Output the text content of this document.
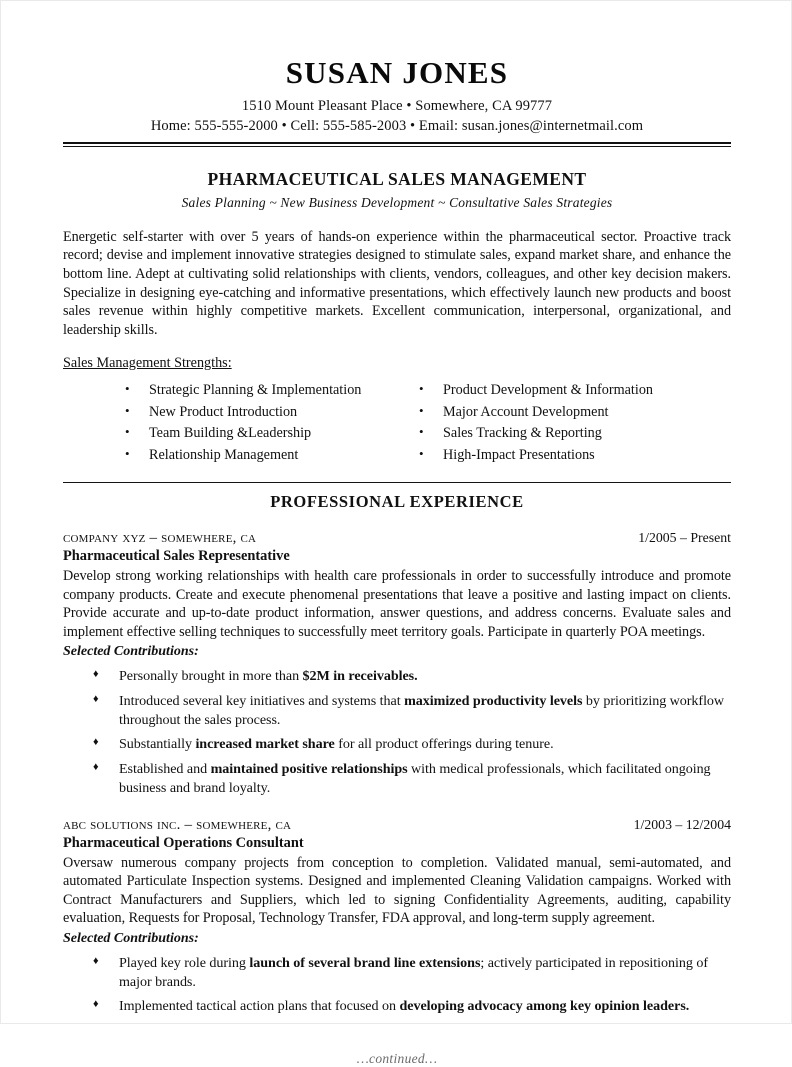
SUSAN JONES
1510 Mount Pleasant Place • Somewhere, CA 99777
Home: 555-555-2000 • Cell: 555-585-2003 • Email: susan.jones@internetmail.com
PHARMACEUTICAL SALES MANAGEMENT
Sales Planning ~ New Business Development ~ Consultative Sales Strategies
Energetic self-starter with over 5 years of hands-on experience within the pharmaceutical sector. Proactive track record; devise and implement innovative strategies designed to stimulate sales, expand market share, and enhance the bottom line. Adept at cultivating solid relationships with clients, vendors, colleagues, and other key decision makers. Specialize in designing eye-catching and informative presentations, which effectively launch new products and boost sales revenue within highly competitive markets. Excellent communication, interpersonal, organizational, and leadership skills.
Sales Management Strengths:
• Strategic Planning & Implementation
• New Product Introduction
• Team Building &Leadership
• Relationship Management
• Product Development & Information
• Major Account Development
• Sales Tracking & Reporting
• High-Impact Presentations
PROFESSIONAL EXPERIENCE
company xyz – somewhere, ca	1/2005 – Present
Pharmaceutical Sales Representative
Develop strong working relationships with health care professionals in order to successfully introduce and promote company products. Create and execute phenomenal presentations that leave a positive and lasting impact on clients. Provide accurate and up-to-date product information, answer questions, and address concerns. Evaluate sales and implement effective selling techniques to successfully meet territory goals. Participate in quarterly POA meetings.
Selected Contributions:
♦ Personally brought in more than $2M in receivables.
♦ Introduced several key initiatives and systems that maximized productivity levels by prioritizing workflow throughout the sales process.
♦ Substantially increased market share for all product offerings during tenure.
♦ Established and maintained positive relationships with medical professionals, which facilitated ongoing business and brand loyalty.
abc solutions inc. – somewhere, ca	1/2003 – 12/2004
Pharmaceutical Operations Consultant
Oversaw numerous company projects from conception to completion. Validated manual, semi-automated, and automated Particulate Inspection systems. Designed and implemented Cleaning Validation campaigns. Worked with Contract Manufacturers and Suppliers, which led to signing Confidentiality Agreements, auditing, capability evaluation, Requests for Proposal, Technology Transfer, FDA approval, and long-term supply agreement.
Selected Contributions:
♦ Played key role during launch of several brand line extensions; actively participated in repositioning of major brands.
♦ Implemented tactical action plans that focused on developing advocacy among key opinion leaders.
…continued…
